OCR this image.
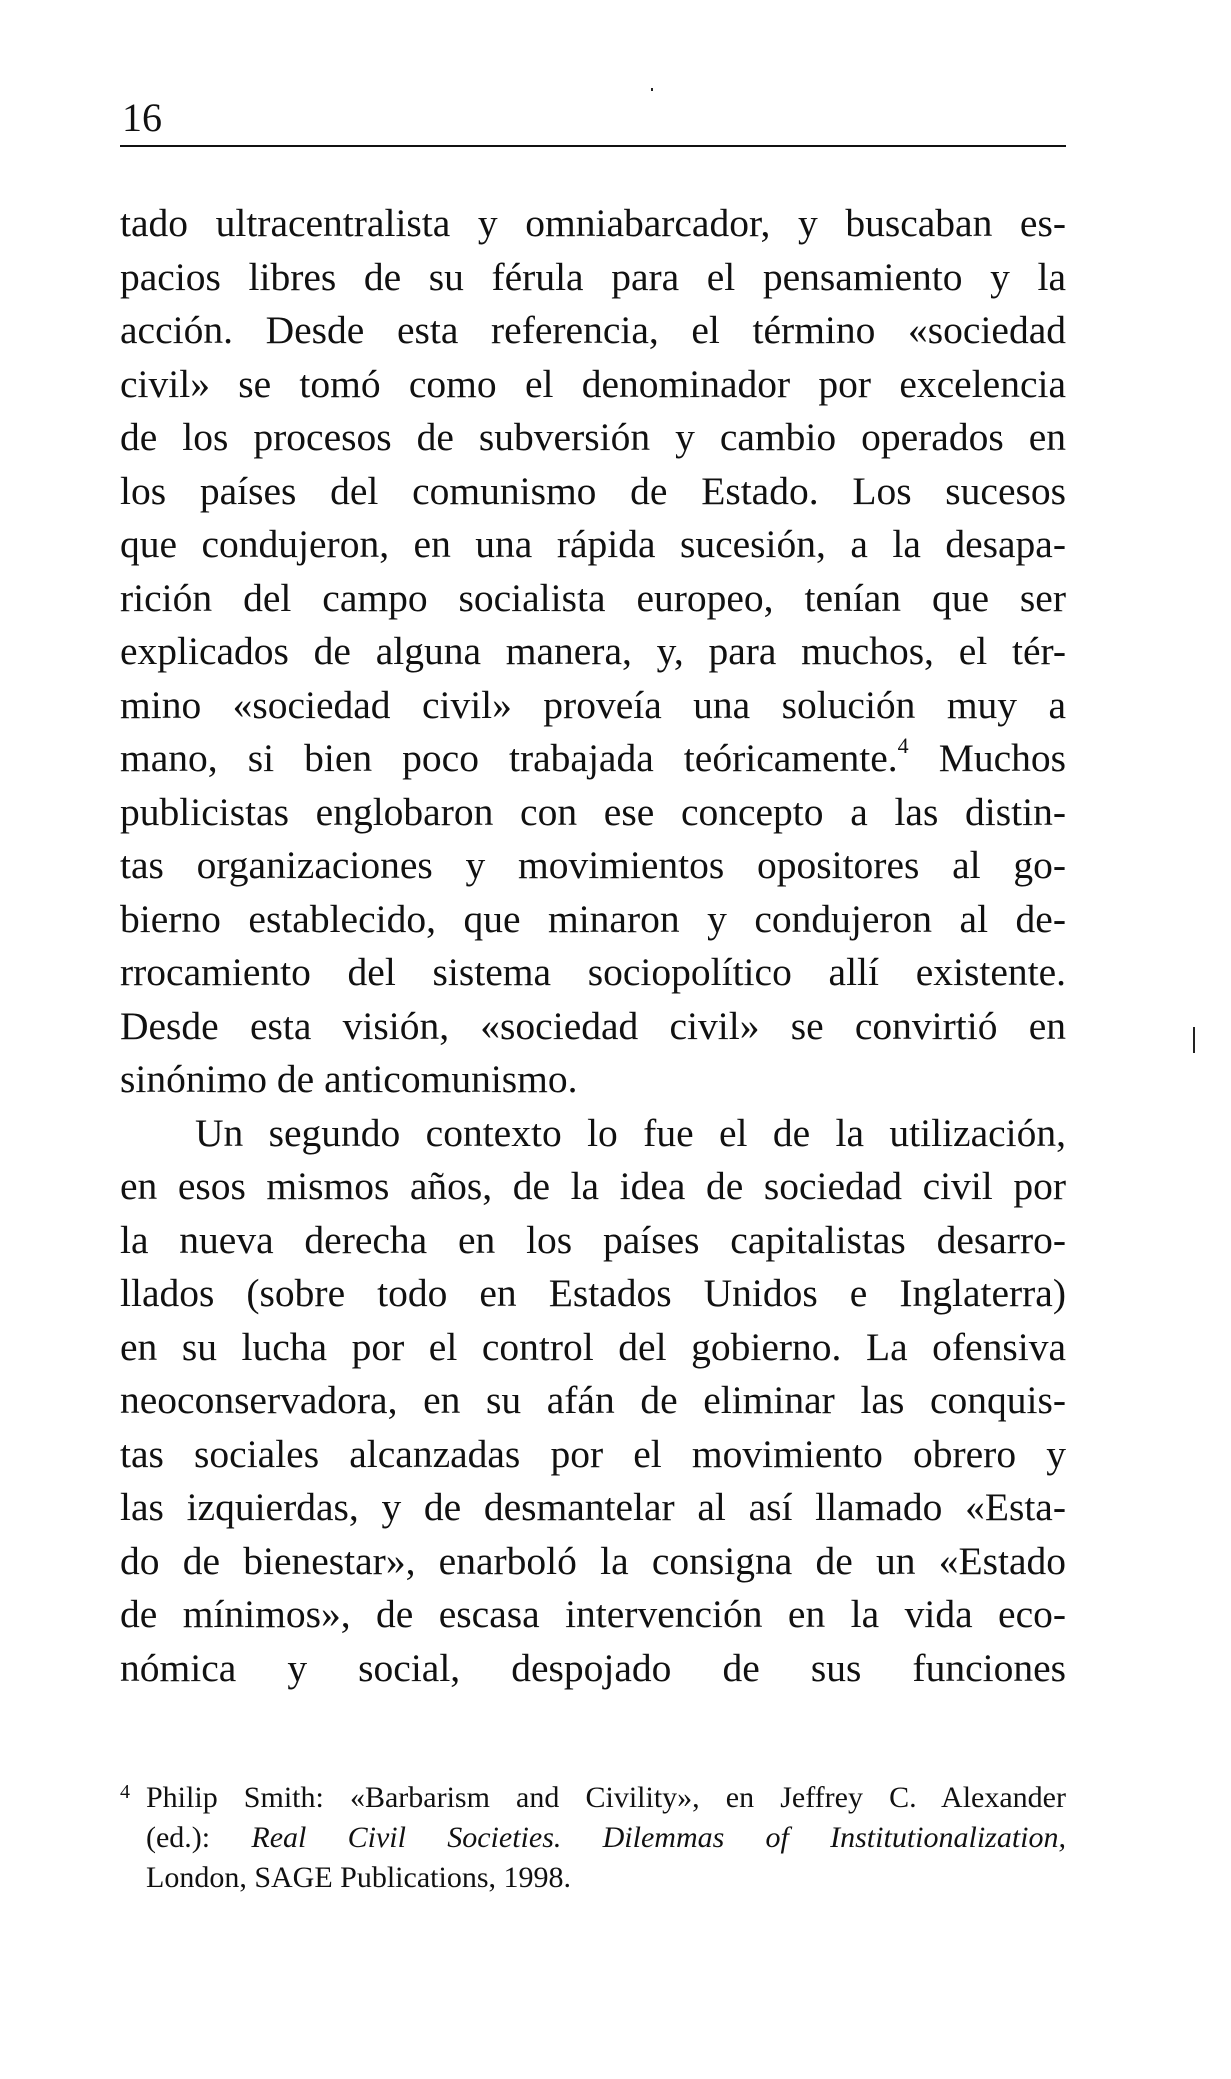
16
tado ultracentralista y omniabarcador, y buscaban es-
pacios libres de su férula para el pensamiento y la
acción. Desde esta referencia, el término «sociedad
civil» se tomó como el denominador por excelencia
de los procesos de subversión y cambio operados en
los países del comunismo de Estado. Los sucesos
que condujeron, en una rápida sucesión, a la desapa-
rición del campo socialista europeo, tenían que ser
explicados de alguna manera, y, para muchos, el tér-
mino «sociedad civil» proveía una solución muy a
mano, si bien poco trabajada teóricamente.$^4$ Muchos
publicistas englobaron con ese concepto a las distin-
tas organizaciones y movimientos opositores al go-
bierno establecido, que minaron y condujeron al de-
rrocamiento del sistema sociopolítico allí existente.
Desde esta visión, «sociedad civil» se convirtió en
sinónimo de anticomunismo.
Un segundo contexto lo fue el de la utilización,
en esos mismos años, de la idea de sociedad civil por
la nueva derecha en los países capitalistas desarro-
llados (sobre todo en Estados Unidos e Inglaterra)
en su lucha por el control del gobierno. La ofensiva
neoconservadora, en su afán de eliminar las conquis-
tas sociales alcanzadas por el movimiento obrero y
las izquierdas, y de desmantelar al así llamado «Esta-
do de bienestar», enarboló la consigna de un «Estado
de mínimos», de escasa intervención en la vida eco-
nómica y social, despojado de sus funciones
4 Philip Smith: «Barbarism and Civility», en Jeffrey C. Alexander
(ed.): Real Civil Societies. Dilemmas of Institutionalization,
London, SAGE Publications, 1998.
